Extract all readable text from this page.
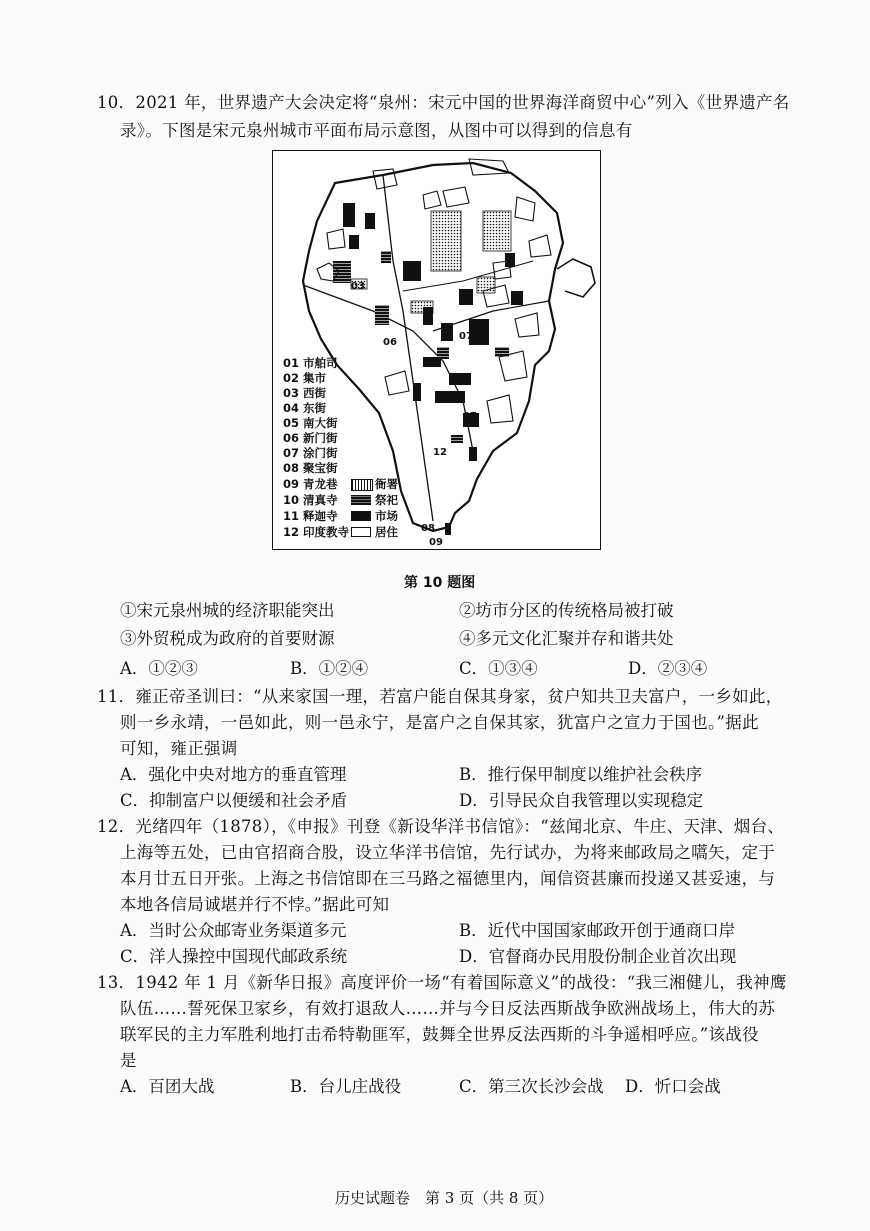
10．2021 年，世界遗产大会决定将“泉州：宋元中国的世界海洋商贸中心”列入《世界遗产名
录》。下图是宋元泉州城市平面布局示意图，从图中可以得到的信息有
01 市舶司
02 集市
03 西街
04 东街
05 南大街
06 新门街
07 涂门街
08 聚宝街
09 青龙巷
10 清真寺
11 释迦寺
12 印度教寺
衙署
祭祀
市场
居住
03
06
07
10
07
12
08
09
第 10 题图
①宋元泉州城的经济职能突出	②坊市分区的传统格局被打破
③外贸税成为政府的首要财源	④多元文化汇聚并存和谐共处
A．①②③	B．①②④	C．①③④	D．②③④
11．雍正帝圣训曰：“从来家国一理，若富户能自保其身家，贫户知共卫夫富户，一乡如此，
则一乡永靖，一邑如此，则一邑永宁，是富户之自保其家，犹富户之宣力于国也。”据此
可知，雍正强调
A．强化中央对地方的垂直管理	B．推行保甲制度以维护社会秩序
C．抑制富户以便缓和社会矛盾	D．引导民众自我管理以实现稳定
12．光绪四年（1878），《申报》刊登《新设华洋书信馆》：“兹闻北京、牛庄、天津、烟台、
上海等五处，已由官招商合股，设立华洋书信馆，先行试办，为将来邮政局之嚆矢，定于
本月廿五日开张。上海之书信馆即在三马路之福德里内，闻信资甚廉而投递又甚妥速，与
本地各信局诚堪并行不悖。”据此可知
A．当时公众邮寄业务渠道多元	B．近代中国国家邮政开创于通商口岸
C．洋人操控中国现代邮政系统	D．官督商办民用股份制企业首次出现
13．1942 年 1 月《新华日报》高度评价一场“有着国际意义”的战役：“我三湘健儿，我神鹰
队伍……誓死保卫家乡，有效打退敌人……并与今日反法西斯战争欧洲战场上，伟大的苏
联军民的主力军胜利地打击希特勒匪军，鼓舞全世界反法西斯的斗争遥相呼应。”该战役
是
A．百团大战	B．台儿庄战役	C．第三次长沙会战 D．忻口会战
历史试题卷　第 3 页（共 8 页）
